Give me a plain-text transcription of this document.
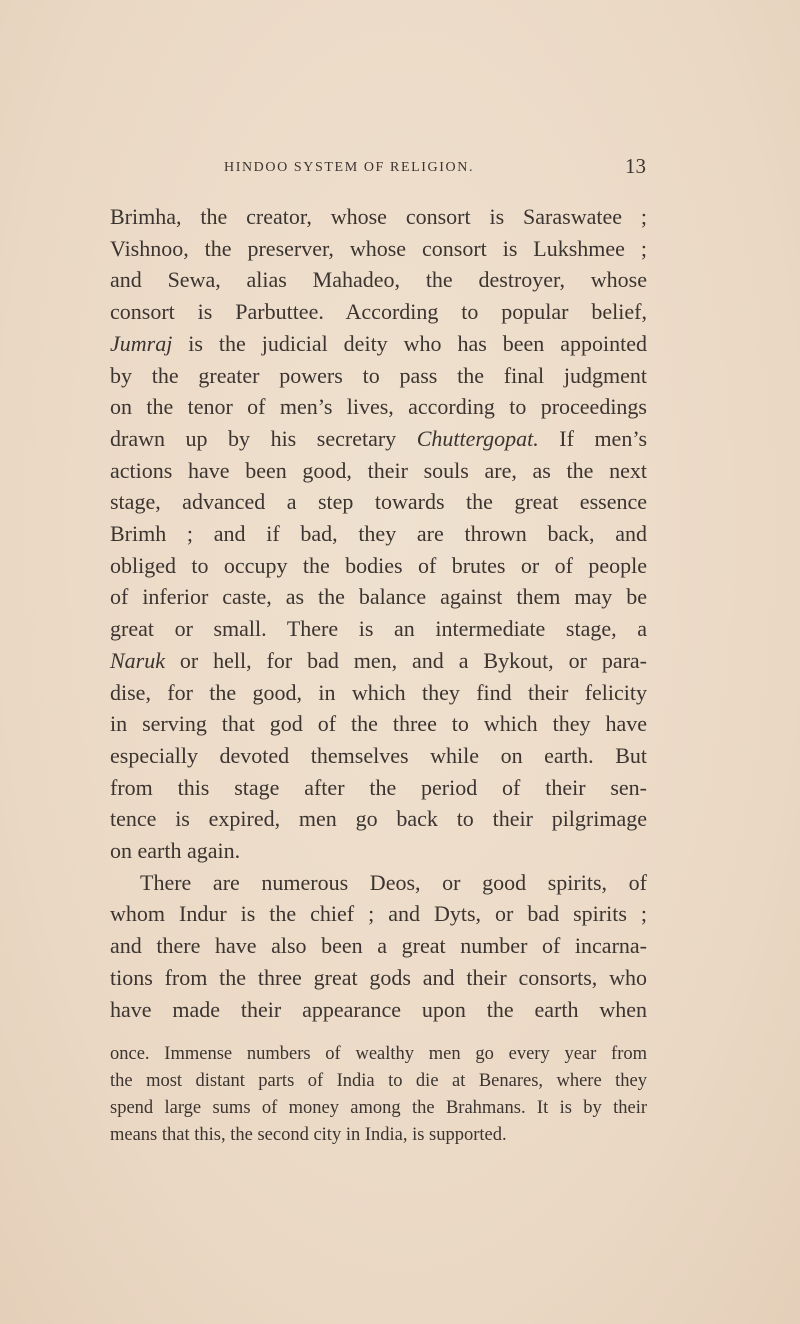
HINDOO SYSTEM OF RELIGION.	13
Brimha, the creator, whose consort is Saraswatee ;
Vishnoo, the preserver, whose consort is Lukshmee ;
and Sewa, alias Mahadeo, the destroyer, whose
consort is Parbuttee. According to popular belief,
Jumraj is the judicial deity who has been appointed
by the greater powers to pass the final judgment
on the tenor of men’s lives, according to proceedings
drawn up by his secretary Chuttergopat. If men’s
actions have been good, their souls are, as the next
stage, advanced a step towards the great essence
Brimh ; and if bad, they are thrown back, and
obliged to occupy the bodies of brutes or of people
of inferior caste, as the balance against them may be
great or small. There is an intermediate stage, a
Naruk or hell, for bad men, and a Bykout, or para-
dise, for the good, in which they find their felicity
in serving that god of the three to which they have
especially devoted themselves while on earth. But
from this stage after the period of their sen-
tence is expired, men go back to their pilgrimage
on earth again.
There are numerous Deos, or good spirits, of
whom Indur is the chief ; and Dyts, or bad spirits ;
and there have also been a great number of incarna-
tions from the three great gods and their consorts, who
have made their appearance upon the earth when
once. Immense numbers of wealthy men go every year from
the most distant parts of India to die at Benares, where they
spend large sums of money among the Brahmans. It is by their
means that this, the second city in India, is supported.
